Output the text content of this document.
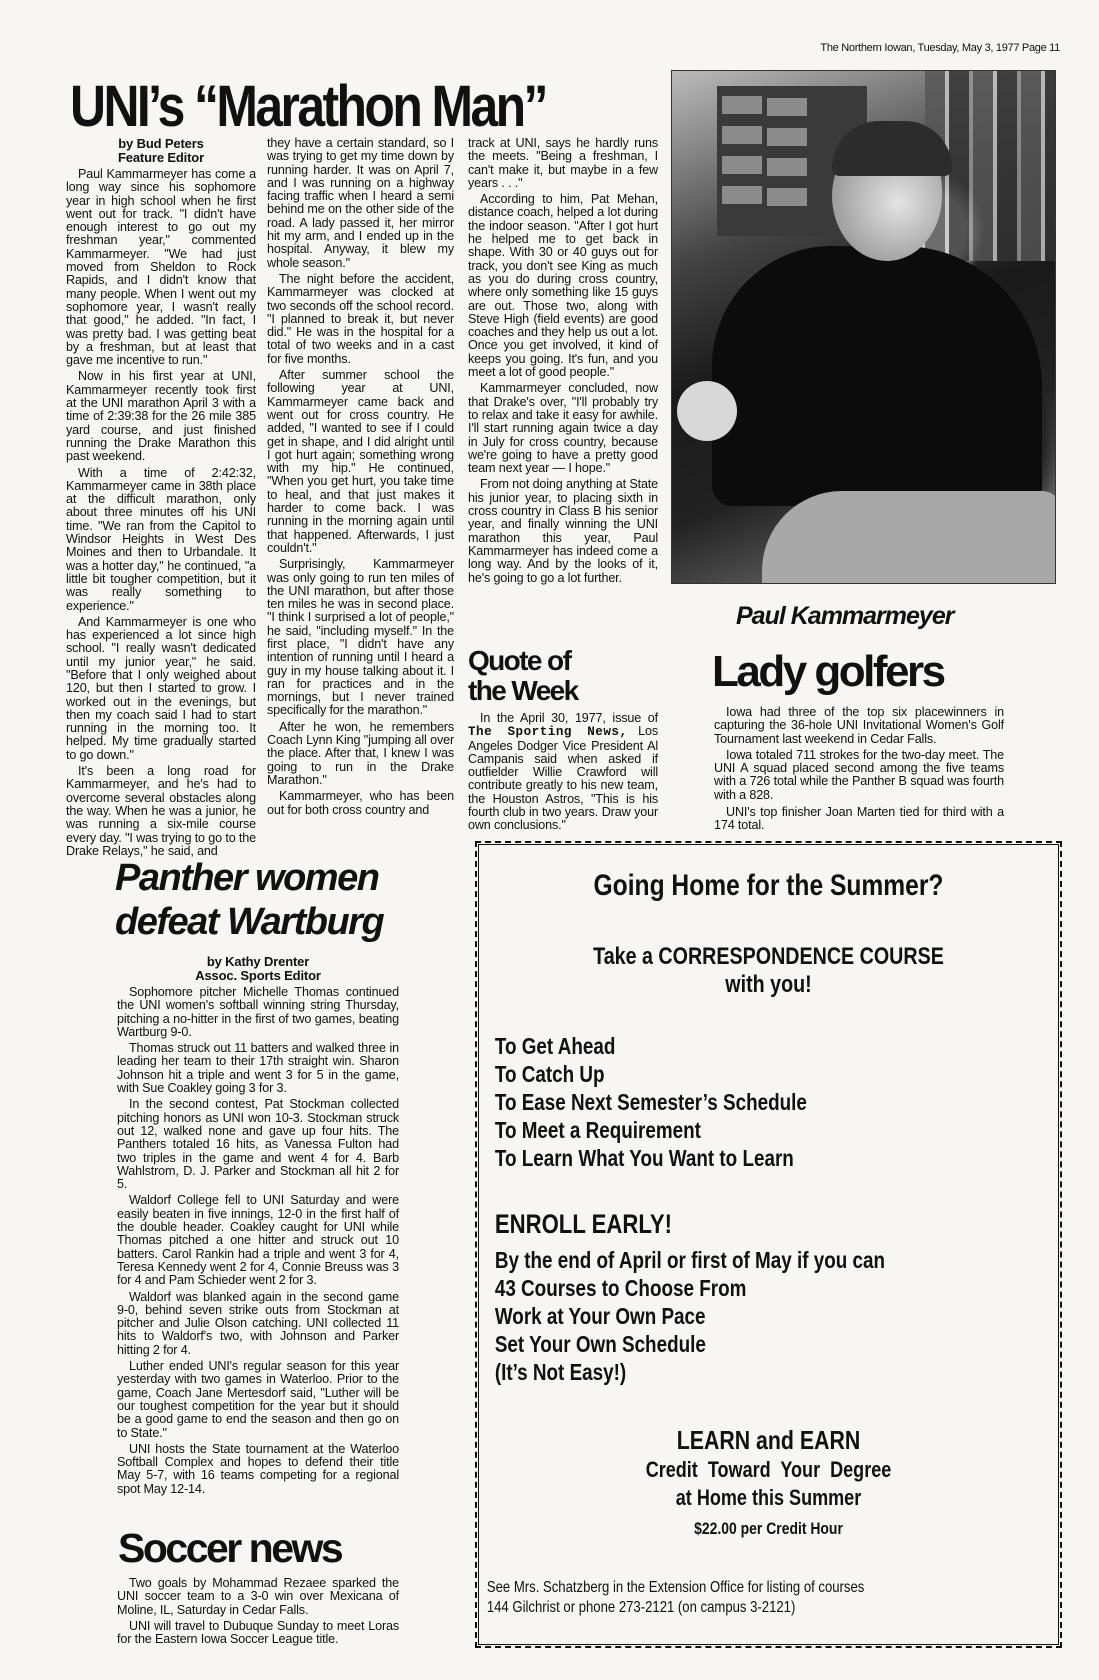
The Northern Iowan, Tuesday, May 3, 1977 Page 11
UNI’s “Marathon Man”
by Bud Peters
Feature Editor

Paul Kammarmeyer has come a long way since his sophomore year in high school when he first went out for track. "I didn't have enough interest to go out my freshman year," commented Kammarmeyer. "We had just moved from Sheldon to Rock Rapids, and I didn't know that many people. When I went out my sophomore year, I wasn't really that good," he added. "In fact, I was pretty bad. I was getting beat by a freshman, but at least that gave me incentive to run."

Now in his first year at UNI, Kammarmeyer recently took first at the UNI marathon April 3 with a time of 2:39:38 for the 26 mile 385 yard course, and just finished running the Drake Marathon this past weekend.

With a time of 2:42:32, Kammarmeyer came in 38th place at the difficult marathon, only about three minutes off his UNI time. "We ran from the Capitol to Windsor Heights in West Des Moines and then to Urbandale. It was a hotter day," he continued, "a little bit tougher competition, but it was really something to experience."

And Kammarmeyer is one who has experienced a lot since high school. "I really wasn't dedicated until my junior year," he said. "Before that I only weighed about 120, but then I started to grow. I worked out in the evenings, but then my coach said I had to start running in the morning too. It helped. My time gradually started to go down."

It's been a long road for Kammarmeyer, and he's had to overcome several obstacles along the way. When he was a junior, he was running a six-mile course every day. "I was trying to go to the Drake Relays," he said, and

they have a certain standard, so I was trying to get my time down by running harder. It was on April 7, and I was running on a highway facing traffic when I heard a semi behind me on the other side of the road. A lady passed it, her mirror hit my arm, and I ended up in the hospital. Anyway, it blew my whole season."

The night before the accident, Kammarmeyer was clocked at two seconds off the school record. "I planned to break it, but never did." He was in the hospital for a total of two weeks and in a cast for five months.

After summer school the following year at UNI, Kammarmeyer came back and went out for cross country. He added, "I wanted to see if I could get in shape, and I did alright until I got hurt again; something wrong with my hip." He continued, "When you get hurt, you take time to heal, and that just makes it harder to come back. I was running in the morning again until that happened. Afterwards, I just couldn't."

Surprisingly, Kammarmeyer was only going to run ten miles of the UNI marathon, but after those ten miles he was in second place. "I think I surprised a lot of people," he said, "including myself." In the first place, "I didn't have any intention of running until I heard a guy in my house talking about it. I ran for practices and in the mornings, but I never trained specifically for the marathon."

After he won, he remembers Coach Lynn King "jumping all over the place. After that, I knew I was going to run in the Drake Marathon."

Kammarmeyer, who has been out for both cross country and

track at UNI, says he hardly runs the meets. "Being a freshman, I can't make it, but maybe in a few years . . ."

According to him, Pat Mehan, distance coach, helped a lot during the indoor season. "After I got hurt he helped me to get back in shape. With 30 or 40 guys out for track, you don't see King as much as you do during cross country, where only something like 15 guys are out. Those two, along with Steve High (field events) are good coaches and they help us out a lot. Once you get involved, it kind of keeps you going. It's fun, and you meet a lot of good people."

Kammarmeyer concluded, now that Drake's over, "I'll probably try to relax and take it easy for awhile. I'll start running again twice a day in July for cross country, because we're going to have a pretty good team next year — I hope."

From not doing anything at State his junior year, to placing sixth in cross country in Class B his senior year, and finally winning the UNI marathon this year, Paul Kammarmeyer has indeed come a long way. And by the looks of it, he's going to go a lot further.

Paul Kammarmeyer
Quote of
the Week

In the April 30, 1977, issue of The Sporting News, Los Angeles Dodger Vice President Al Campanis said when asked if outfielder Willie Crawford will contribute greatly to his new team, the Houston Astros, "This is his fourth club in two years. Draw your own conclusions."

Lady golfers

Iowa had three of the top six placewinners in capturing the 36-hole UNI Invitational Women's Golf Tournament last weekend in Cedar Falls.

Iowa totaled 711 strokes for the two-day meet. The UNI A squad placed second among the five teams with a 726 total while the Panther B squad was fourth with a 828.

UNI's top finisher Joan Marten tied for third with a 174 total.

Panther women
defeat Wartburg
by Kathy Drenter
Assoc. Sports Editor

Sophomore pitcher Michelle Thomas continued the UNI women's softball winning string Thursday, pitching a no-hitter in the first of two games, beating Wartburg 9-0.

Thomas struck out 11 batters and walked three in leading her team to their 17th straight win. Sharon Johnson hit a triple and went 3 for 5 in the game, with Sue Coakley going 3 for 3.

In the second contest, Pat Stockman collected pitching honors as UNI won 10-3. Stockman struck out 12, walked none and gave up four hits. The Panthers totaled 16 hits, as Vanessa Fulton had two triples in the game and went 4 for 4. Barb Wahlstrom, D. J. Parker and Stockman all hit 2 for 5.

Waldorf College fell to UNI Saturday and were easily beaten in five innings, 12-0 in the first half of the double header. Coakley caught for UNI while Thomas pitched a one hitter and struck out 10 batters. Carol Rankin had a triple and went 3 for 4, Teresa Kennedy went 2 for 4, Connie Breuss was 3 for 4 and Pam Schieder went 2 for 3.

Waldorf was blanked again in the second game 9-0, behind seven strike outs from Stockman at pitcher and Julie Olson catching. UNI collected 11 hits to Waldorf's two, with Johnson and Parker hitting 2 for 4.

Luther ended UNI's regular season for this year yesterday with two games in Waterloo. Prior to the game, Coach Jane Mertesdorf said, "Luther will be our toughest competition for the year but it should be a good game to end the season and then go on to State."

UNI hosts the State tournament at the Waterloo Softball Complex and hopes to defend their title May 5-7, with 16 teams competing for a regional spot May 12-14.

Soccer news

Two goals by Mohammad Rezaee sparked the UNI soccer team to a 3-0 win over Mexicana of Moline, IL, Saturday in Cedar Falls.

UNI will travel to Dubuque Sunday to meet Loras for the Eastern Iowa Soccer League title.

Going Home for the Summer?
Take a CORRESPONDENCE COURSE
with you!
To Get Ahead
To Catch Up
To Ease Next Semester’s Schedule
To Meet a Requirement
To Learn What You Want to Learn
ENROLL EARLY!
By the end of April or first of May if you can
43 Courses to Choose From
Work at Your Own Pace
Set Your Own Schedule
(It’s Not Easy!)
LEARN and EARN
Credit  Toward  Your  Degree
at Home this Summer
$22.00 per Credit Hour
See Mrs. Schatzberg in the Extension Office for listing of courses
144 Gilchrist or phone 273-2121 (on campus 3-2121)
